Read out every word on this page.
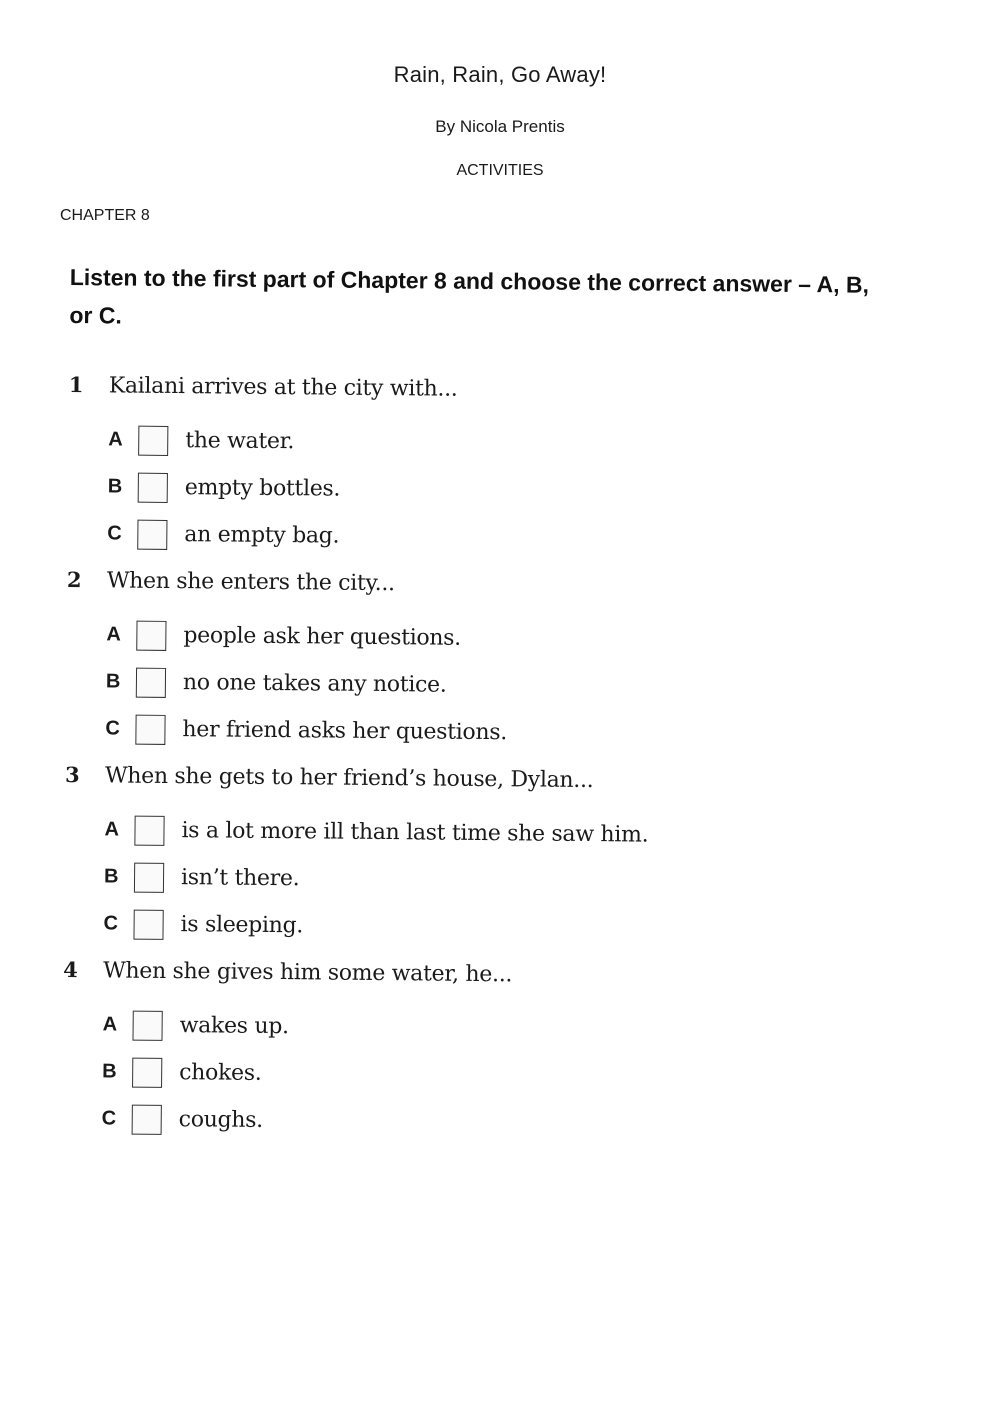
Rain, Rain, Go Away!
By Nicola Prentis
ACTIVITIES
CHAPTER 8

Listen to the first part of Chapter 8 and choose the correct answer – A, B, or C.

1	Kailani arrives at the city with...
A	the water.
B	empty bottles.
C	an empty bag.
2	When she enters the city...
A	people ask her questions.
B	no one takes any notice.
C	her friend asks her questions.
3	When she gets to her friend’s house, Dylan...
A	is a lot more ill than last time she saw him.
B	isn’t there.
C	is sleeping.
4	When she gives him some water, he...
A	wakes up.
B	chokes.
C	coughs.
